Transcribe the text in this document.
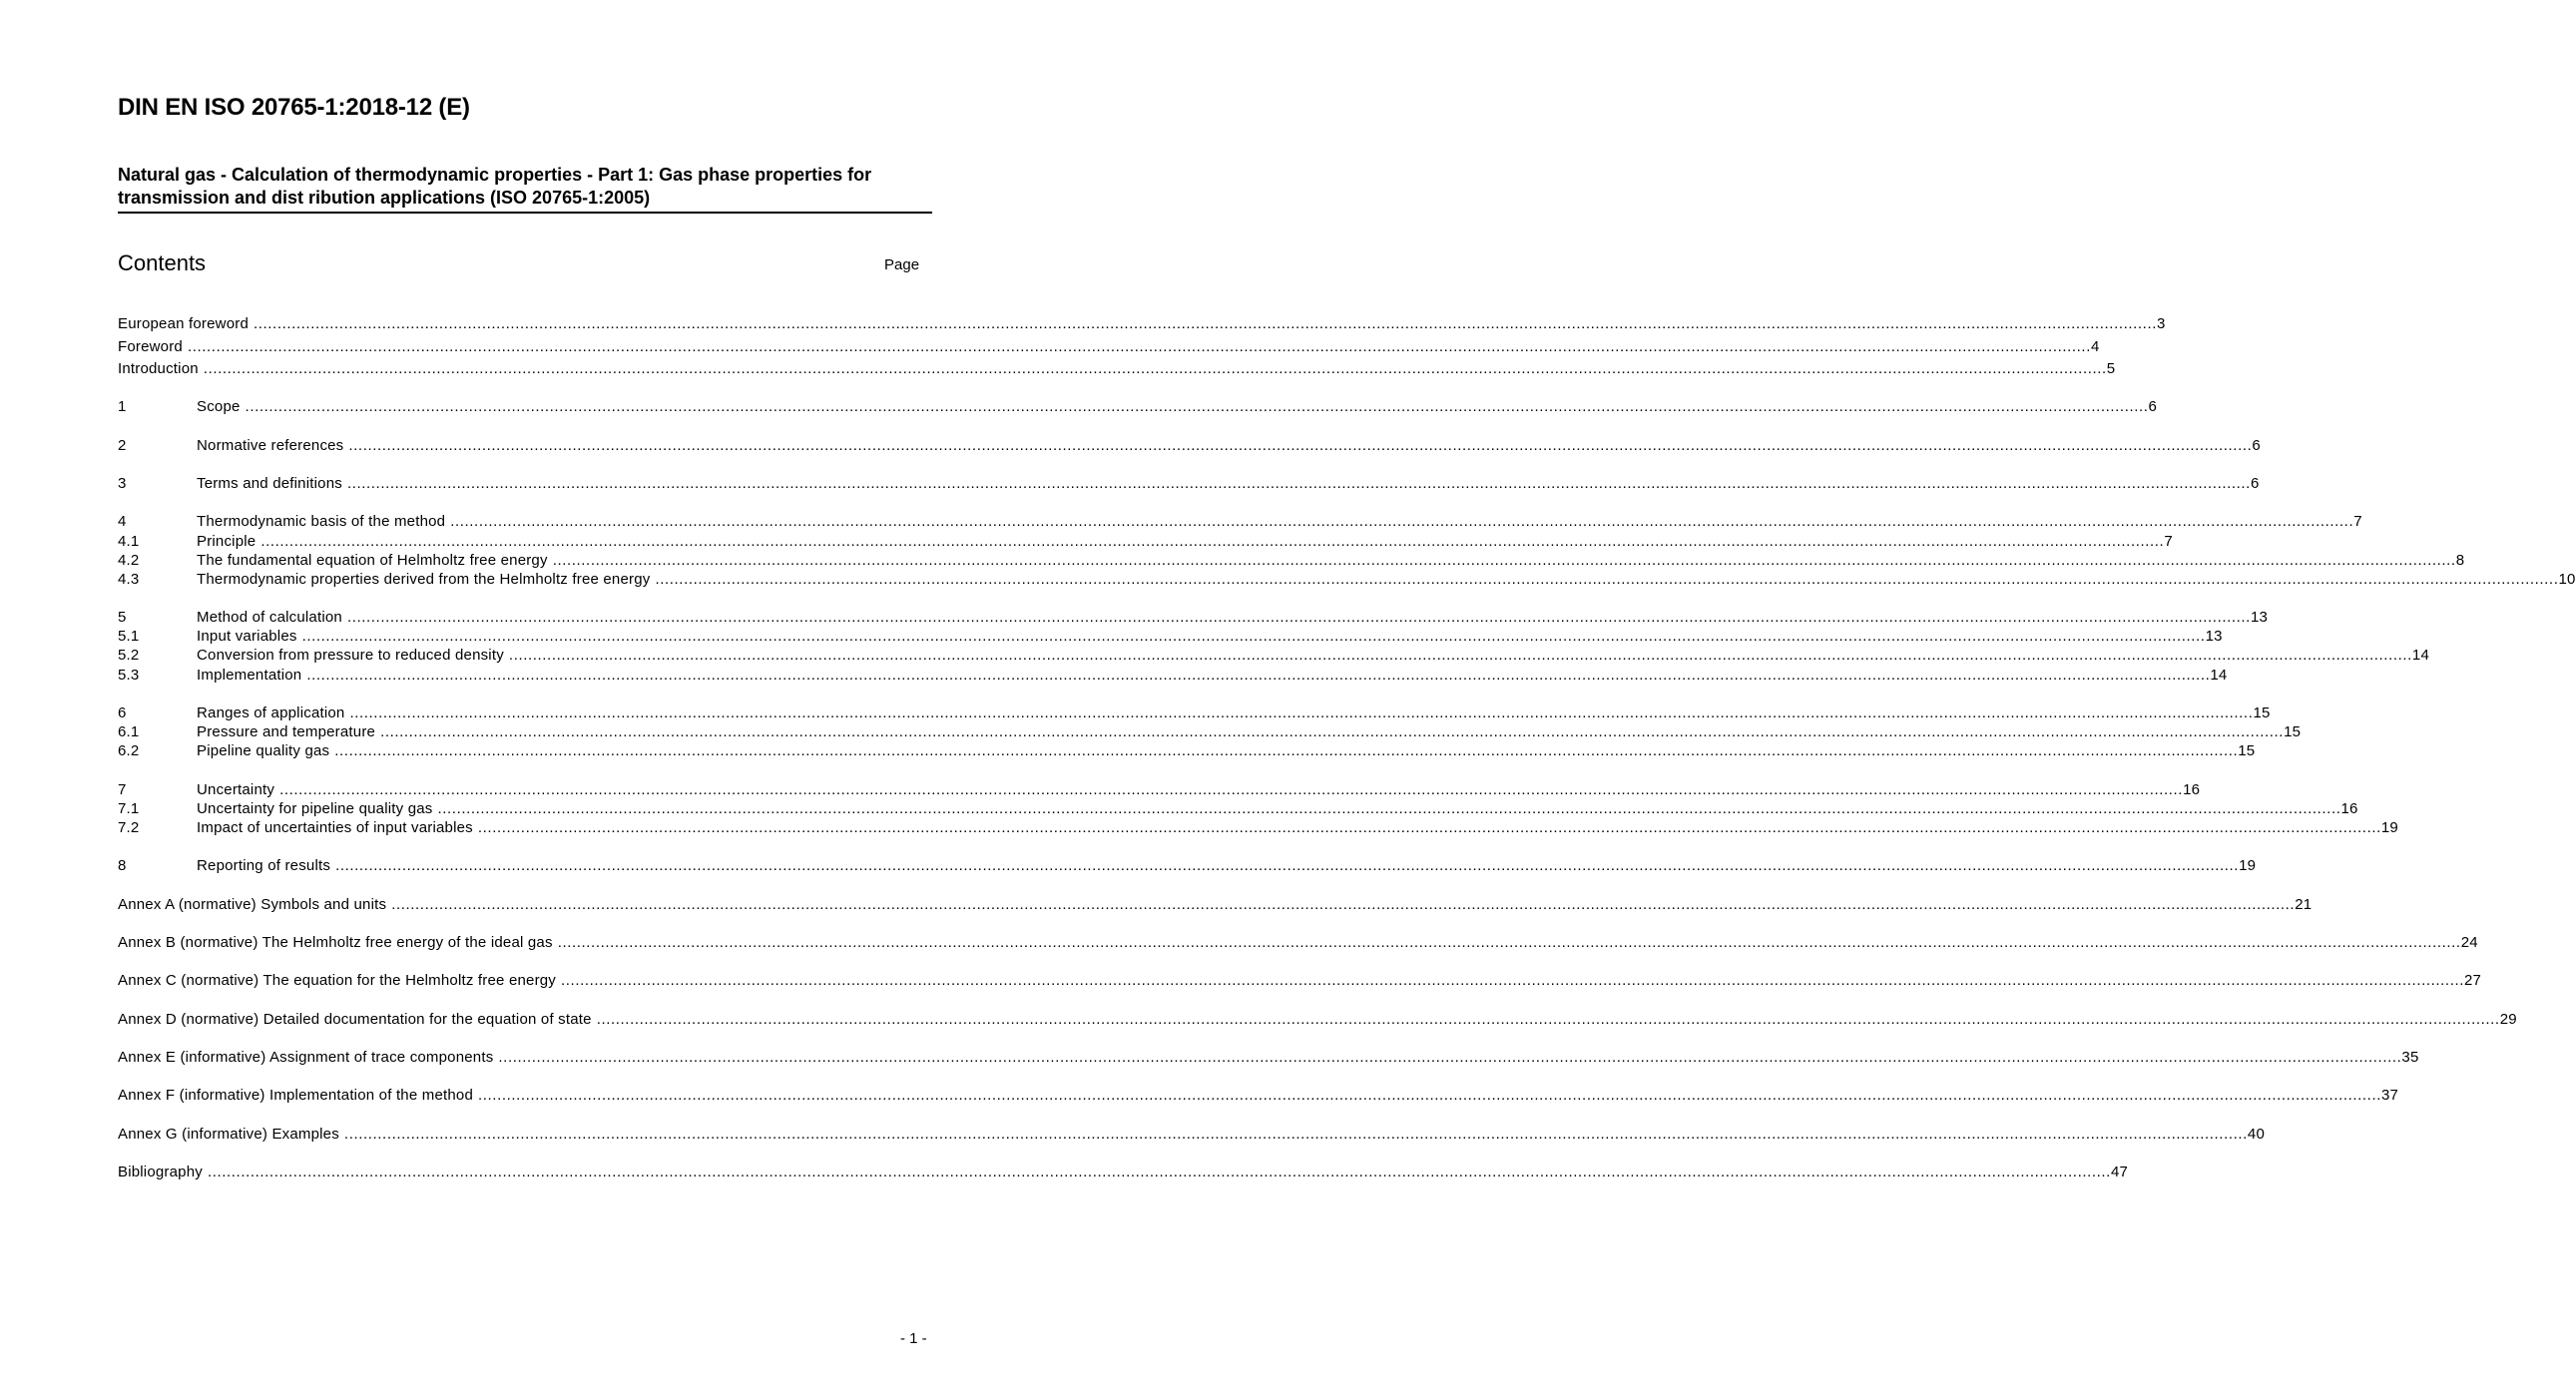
DIN EN ISO 20765-1:2018-12 (E)
Natural gas - Calculation of thermodynamic properties - Part 1: Gas phase properties for transmission and dist ribution applications (ISO 20765-1:2005)
Contents	Page
European foreword ................................................................................................................................................................................................................................................................................................................................................................................................................ 3
Foreword ................................................................................................................................................................................................................................................................................................................................................................................................................ 4
Introduction ................................................................................................................................................................................................................................................................................................................................................................................................................ 5
1	Scope ................................................................................................................................................................................................................................................................................................................................................................................................................ 6
2	Normative references ................................................................................................................................................................................................................................................................................................................................................................................................................ 6
3	Terms and definitions ................................................................................................................................................................................................................................................................................................................................................................................................................ 6
4	Thermodynamic basis of the method ................................................................................................................................................................................................................................................................................................................................................................................................................ 7
4.1	Principle ................................................................................................................................................................................................................................................................................................................................................................................................................ 7
4.2	The fundamental equation of Helmholtz free energy ................................................................................................................................................................................................................................................................................................................................................................................................................ 8
4.3	Thermodynamic properties derived from the Helmholtz free energy ................................................................................................................................................................................................................................................................................................................................................................................................................ 10
5	Method of calculation ................................................................................................................................................................................................................................................................................................................................................................................................................ 13
5.1	Input variables ................................................................................................................................................................................................................................................................................................................................................................................................................ 13
5.2	Conversion from pressure to reduced density ................................................................................................................................................................................................................................................................................................................................................................................................................ 14
5.3	Implementation ................................................................................................................................................................................................................................................................................................................................................................................................................ 14
6	Ranges of application ................................................................................................................................................................................................................................................................................................................................................................................................................ 15
6.1	Pressure and temperature ................................................................................................................................................................................................................................................................................................................................................................................................................ 15
6.2	Pipeline quality gas ................................................................................................................................................................................................................................................................................................................................................................................................................ 15
7	Uncertainty ................................................................................................................................................................................................................................................................................................................................................................................................................ 16
7.1	Uncertainty for pipeline quality gas ................................................................................................................................................................................................................................................................................................................................................................................................................ 16
7.2	Impact of uncertainties of input variables ................................................................................................................................................................................................................................................................................................................................................................................................................ 19
8	Reporting of results ................................................................................................................................................................................................................................................................................................................................................................................................................ 19
Annex A (normative) Symbols and units ................................................................................................................................................................................................................................................................................................................................................................................................................ 21
Annex B (normative) The Helmholtz free energy of the ideal gas ................................................................................................................................................................................................................................................................................................................................................................................................................ 24
Annex C (normative) The equation for the Helmholtz free energy ................................................................................................................................................................................................................................................................................................................................................................................................................ 27
Annex D (normative) Detailed documentation for the equation of state ................................................................................................................................................................................................................................................................................................................................................................................................................ 29
Annex E (informative) Assignment of trace components ................................................................................................................................................................................................................................................................................................................................................................................................................ 35
Annex F (informative) Implementation of the method ................................................................................................................................................................................................................................................................................................................................................................................................................ 37
Annex G (informative) Examples ................................................................................................................................................................................................................................................................................................................................................................................................................ 40
Bibliography ................................................................................................................................................................................................................................................................................................................................................................................................................ 47
- 1 -
